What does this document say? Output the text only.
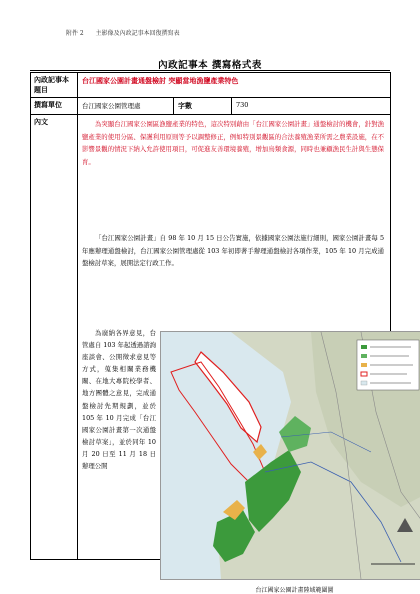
附件 2 主影像及內政記事本回復撰寫表
內政記事本 撰寫格式表
內政記事本題目	台江國家公園計畫通盤檢討 突顯當地漁鹽產業特色		
撰寫單位	台江國家公園管理處	字數	730
內文	為突顯台江國家公園區漁鹽產業的特色，這次特別藉由「台江國家公園計畫」通盤檢討的機會，針對漁鹽產業的使用分區、保護利用原則等予以調整修正，例如特別景觀區的合法養殖漁業所需之農業設施，在不影響景觀的情況下納入允許使用項目，可促進友善環境養殖，增加鳥類食源，同時也兼顧漁民生計與生態保育。
「台江國家公園計畫」自 98 年 10 月 15 日公告實施，依據國家公園法施行細則，國家公園計畫每 5 年應辦理通盤檢討，台江國家公園管理處從 103 年初即著手辦理通盤檢討各項作業，105 年 10 月完成通盤檢討草案，展開法定行政工作。
為廣納各界意見，台管處自 103 年起透過諮詢座談會、公開徵求意見等方式，蒐集相關業務機關、在地大專院校學者、地方團體之意見，完成通盤檢討先期規劃，並於 105 年 10 月完成「台江國家公園計畫第一次通盤檢討草案」，並於同年 10 月 20 日至 11 月 18 日辦理公開
台江國家公園計畫陸域範圍圖		
